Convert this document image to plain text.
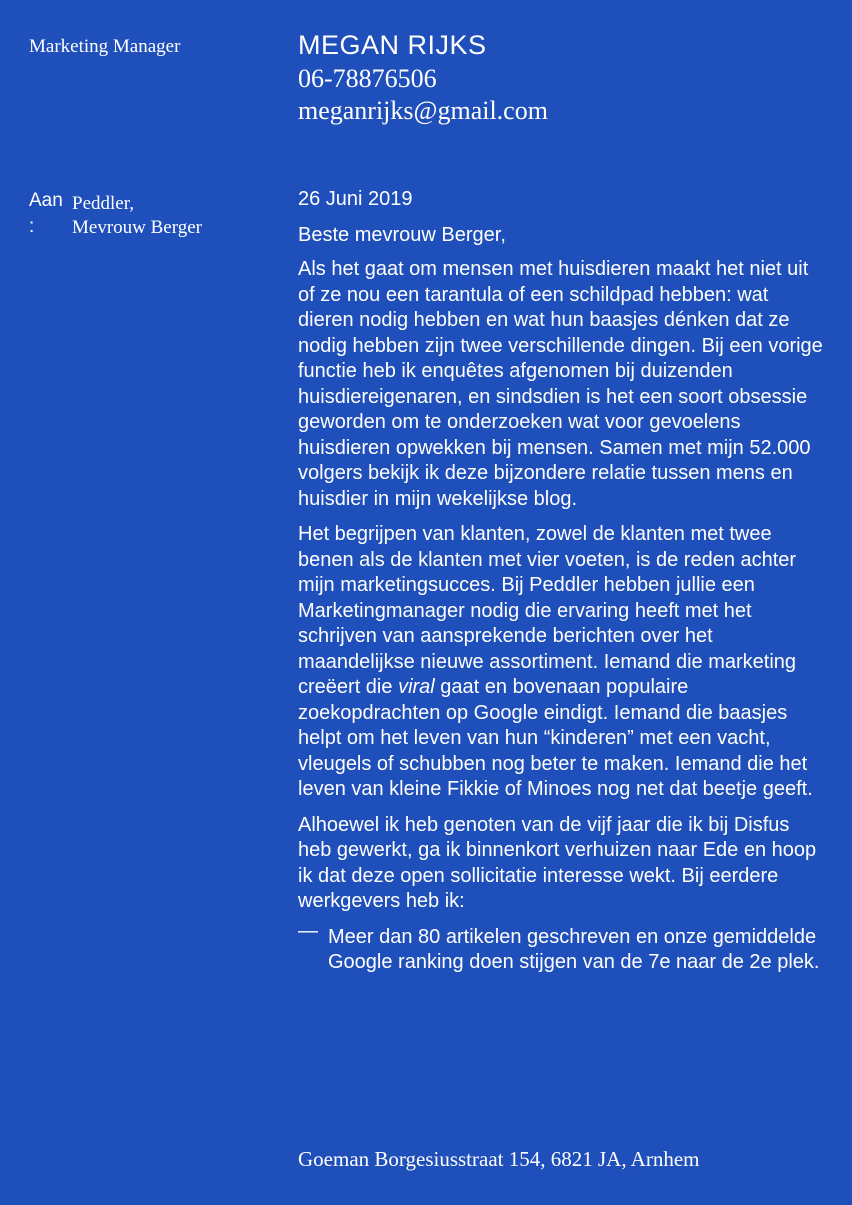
Marketing Manager	MEGAN RIJKS
06-78876506
meganrijks@gmail.com
Aan
:
Peddler,
Mevrouw Berger

26 Juni 2019

Beste mevrouw Berger,

Als het gaat om mensen met huisdieren maakt het niet uit of ze nou een tarantula of een schildpad hebben: wat dieren nodig hebben en wat hun baasjes dénken dat ze nodig hebben zijn twee verschillende dingen. Bij een vorige functie heb ik enquêtes afgenomen bij duizenden huisdiereigenaren, en sindsdien is het een soort obsessie geworden om te onderzoeken wat voor gevoelens huisdieren opwekken bij mensen. Samen met mijn 52.000 volgers bekijk ik deze bijzondere relatie tussen mens en huisdier in mijn wekelijkse blog.

Het begrijpen van klanten, zowel de klanten met twee benen als de klanten met vier voeten, is de reden achter mijn marketingsucces. Bij Peddler hebben jullie een Marketingmanager nodig die ervaring heeft met het schrijven van aansprekende berichten over het maandelijkse nieuwe assortiment. Iemand die marketing creëert die viral gaat en bovenaan populaire zoekopdrachten op Google eindigt. Iemand die baasjes helpt om het leven van hun “kinderen” met een vacht, vleugels of schubben nog beter te maken. Iemand die het leven van kleine Fikkie of Minoes nog net dat beetje geeft.

Alhoewel ik heb genoten van de vijf jaar die ik bij Disfus heb gewerkt, ga ik binnenkort verhuizen naar Ede en hoop ik dat deze open sollicitatie interesse wekt. Bij eerdere werkgevers heb ik:

— Meer dan 80 artikelen geschreven en onze gemiddelde Google ranking doen stijgen van de 7e naar de 2e plek.
Goeman Borgesiusstraat 154, 6821 JA, Arnhem
